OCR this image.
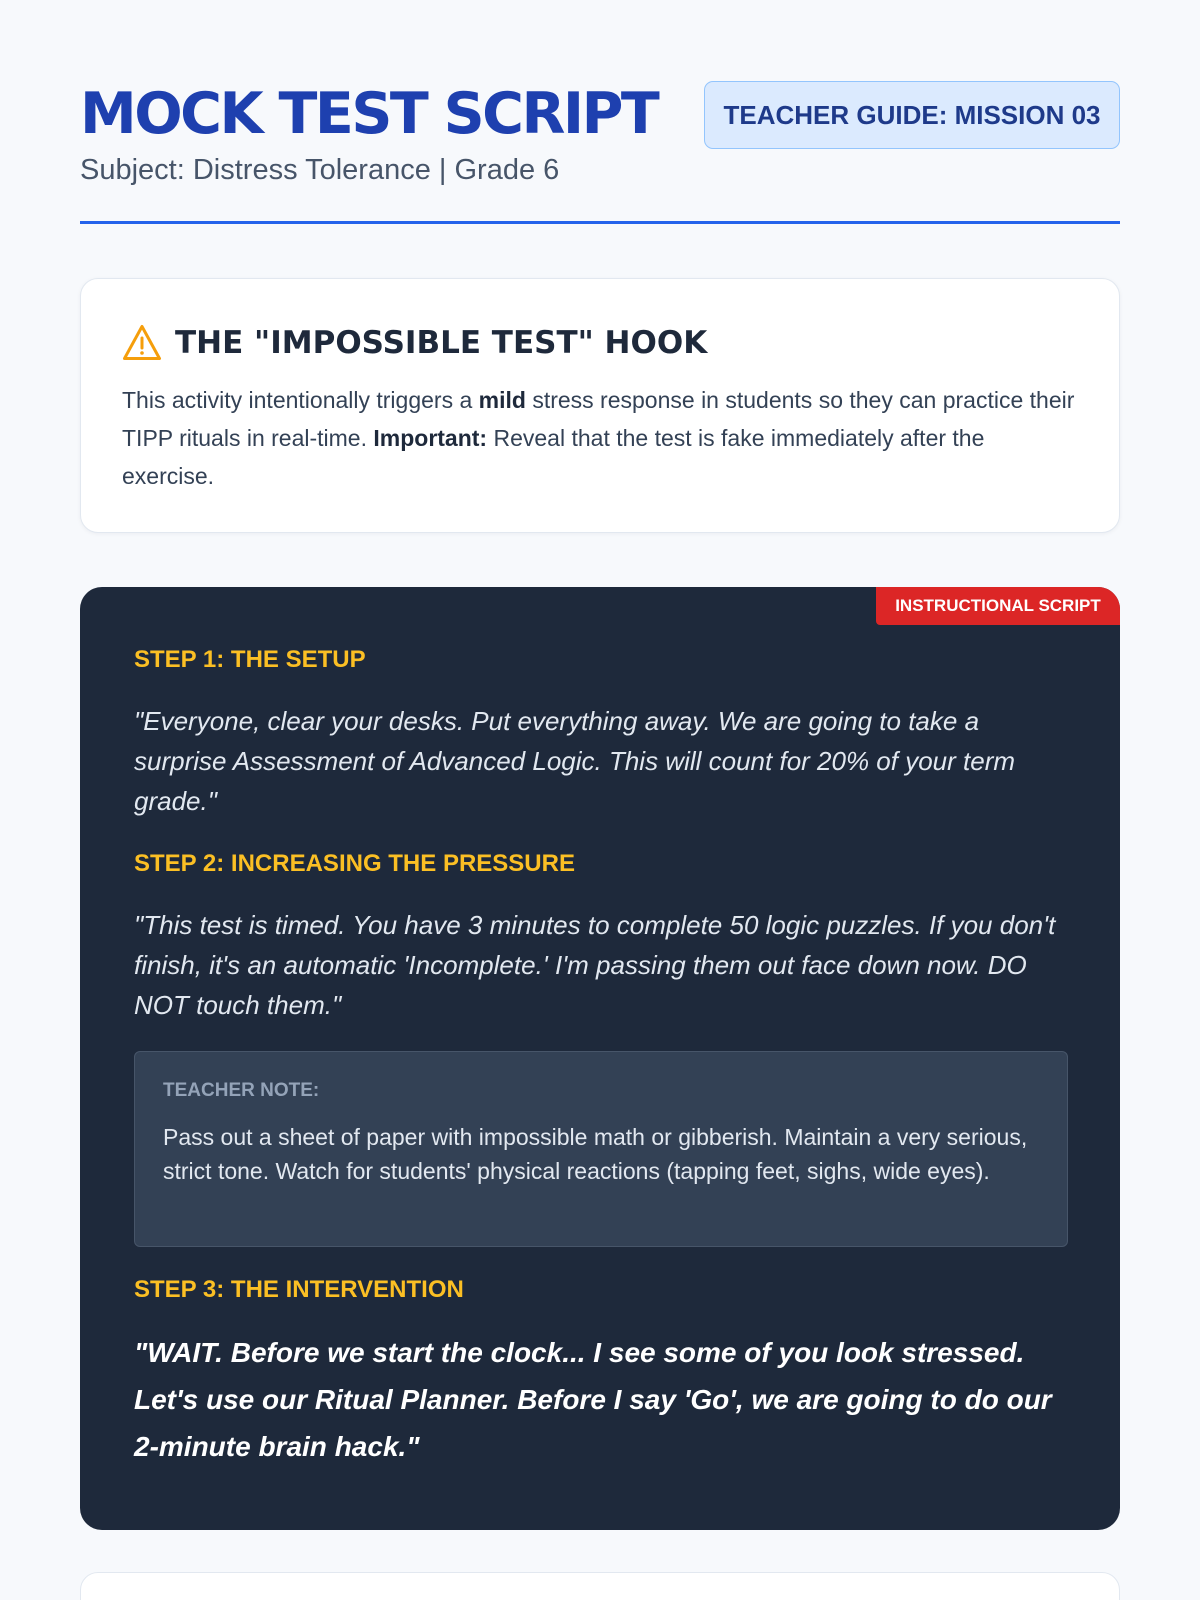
MOCK TEST SCRIPT
Subject: Distress Tolerance | Grade 6
TEACHER GUIDE: MISSION 03
THE "IMPOSSIBLE TEST" HOOK
This activity intentionally triggers a mild stress response in students so they can practice their TIPP rituals in real-time. Important: Reveal that the test is fake immediately after the exercise.
INSTRUCTIONAL SCRIPT
STEP 1: THE SETUP

"Everyone, clear your desks. Put everything away. We are going to take a surprise Assessment of Advanced Logic. This will count for 20% of your term grade."

STEP 2: INCREASING THE PRESSURE

"This test is timed. You have 3 minutes to complete 50 logic puzzles. If you don't finish, it's an automatic 'Incomplete.' I'm passing them out face down now. DO NOT touch them."

TEACHER NOTE:
Pass out a sheet of paper with impossible math or gibberish. Maintain a very serious, strict tone. Watch for students' physical reactions (tapping feet, sighs, wide eyes).
STEP 3: THE INTERVENTION

"WAIT. Before we start the clock... I see some of you look stressed. Let's use our Ritual Planner. Before I say 'Go', we are going to do our 2-minute brain hack."
